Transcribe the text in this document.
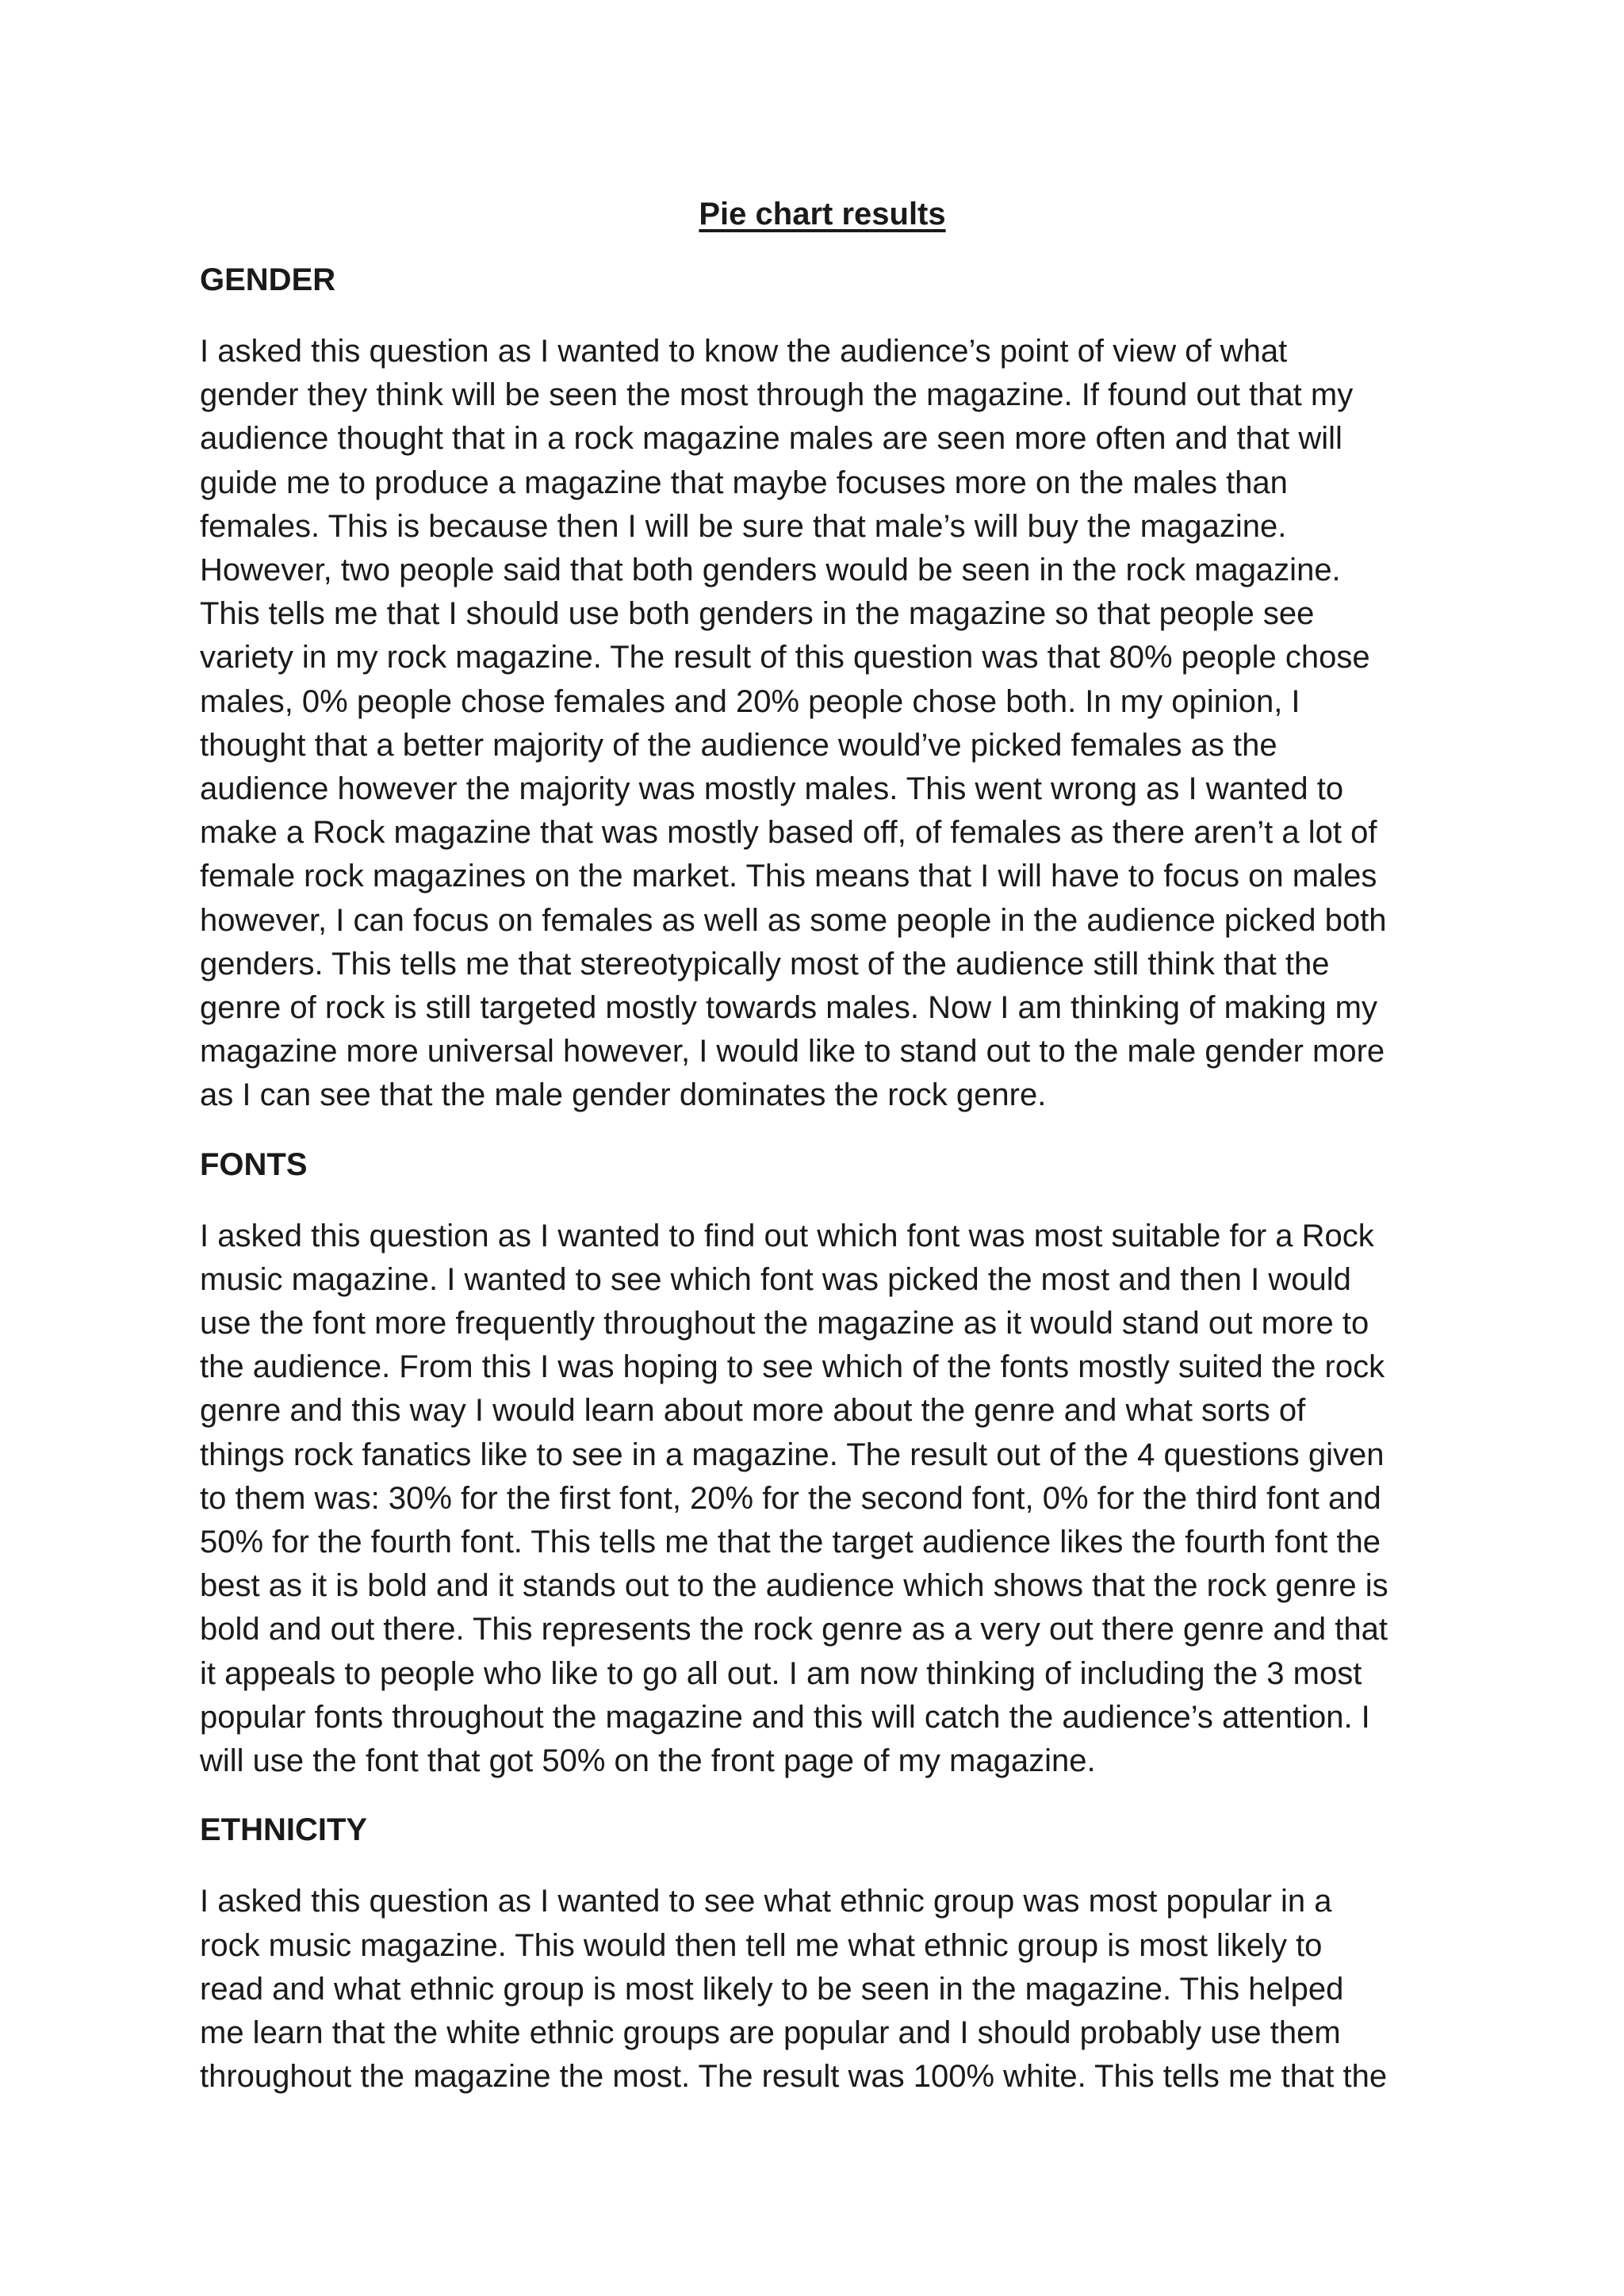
Pie chart results
GENDER
I asked this question as I wanted to know the audience’s point of view of what
gender they think will be seen the most through the magazine. If found out that my
audience thought that in a rock magazine males are seen more often and that will
guide me to produce a magazine that maybe focuses more on the males than
females. This is because then I will be sure that male’s will buy the magazine.
However, two people said that both genders would be seen in the rock magazine.
This tells me that I should use both genders in the magazine so that people see
variety in my rock magazine. The result of this question was that 80% people chose
males, 0% people chose females and 20% people chose both. In my opinion, I
thought that a better majority of the audience would’ve picked females as the
audience however the majority was mostly males. This went wrong as I wanted to
make a Rock magazine that was mostly based off, of females as there aren’t a lot of
female rock magazines on the market. This means that I will have to focus on males
however, I can focus on females as well as some people in the audience picked both
genders. This tells me that stereotypically most of the audience still think that the
genre of rock is still targeted mostly towards males. Now I am thinking of making my
magazine more universal however, I would like to stand out to the male gender more
as I can see that the male gender dominates the rock genre.
FONTS
I asked this question as I wanted to find out which font was most suitable for a Rock
music magazine. I wanted to see which font was picked the most and then I would
use the font more frequently throughout the magazine as it would stand out more to
the audience. From this I was hoping to see which of the fonts mostly suited the rock
genre and this way I would learn about more about the genre and what sorts of
things rock fanatics like to see in a magazine. The result out of the 4 questions given
to them was: 30% for the first font, 20% for the second font, 0% for the third font and
50% for the fourth font. This tells me that the target audience likes the fourth font the
best as it is bold and it stands out to the audience which shows that the rock genre is
bold and out there. This represents the rock genre as a very out there genre and that
it appeals to people who like to go all out. I am now thinking of including the 3 most
popular fonts throughout the magazine and this will catch the audience’s attention. I
will use the font that got 50% on the front page of my magazine.
ETHNICITY
I asked this question as I wanted to see what ethnic group was most popular in a
rock music magazine. This would then tell me what ethnic group is most likely to
read and what ethnic group is most likely to be seen in the magazine. This helped
me learn that the white ethnic groups are popular and I should probably use them
throughout the magazine the most. The result was 100% white. This tells me that the
